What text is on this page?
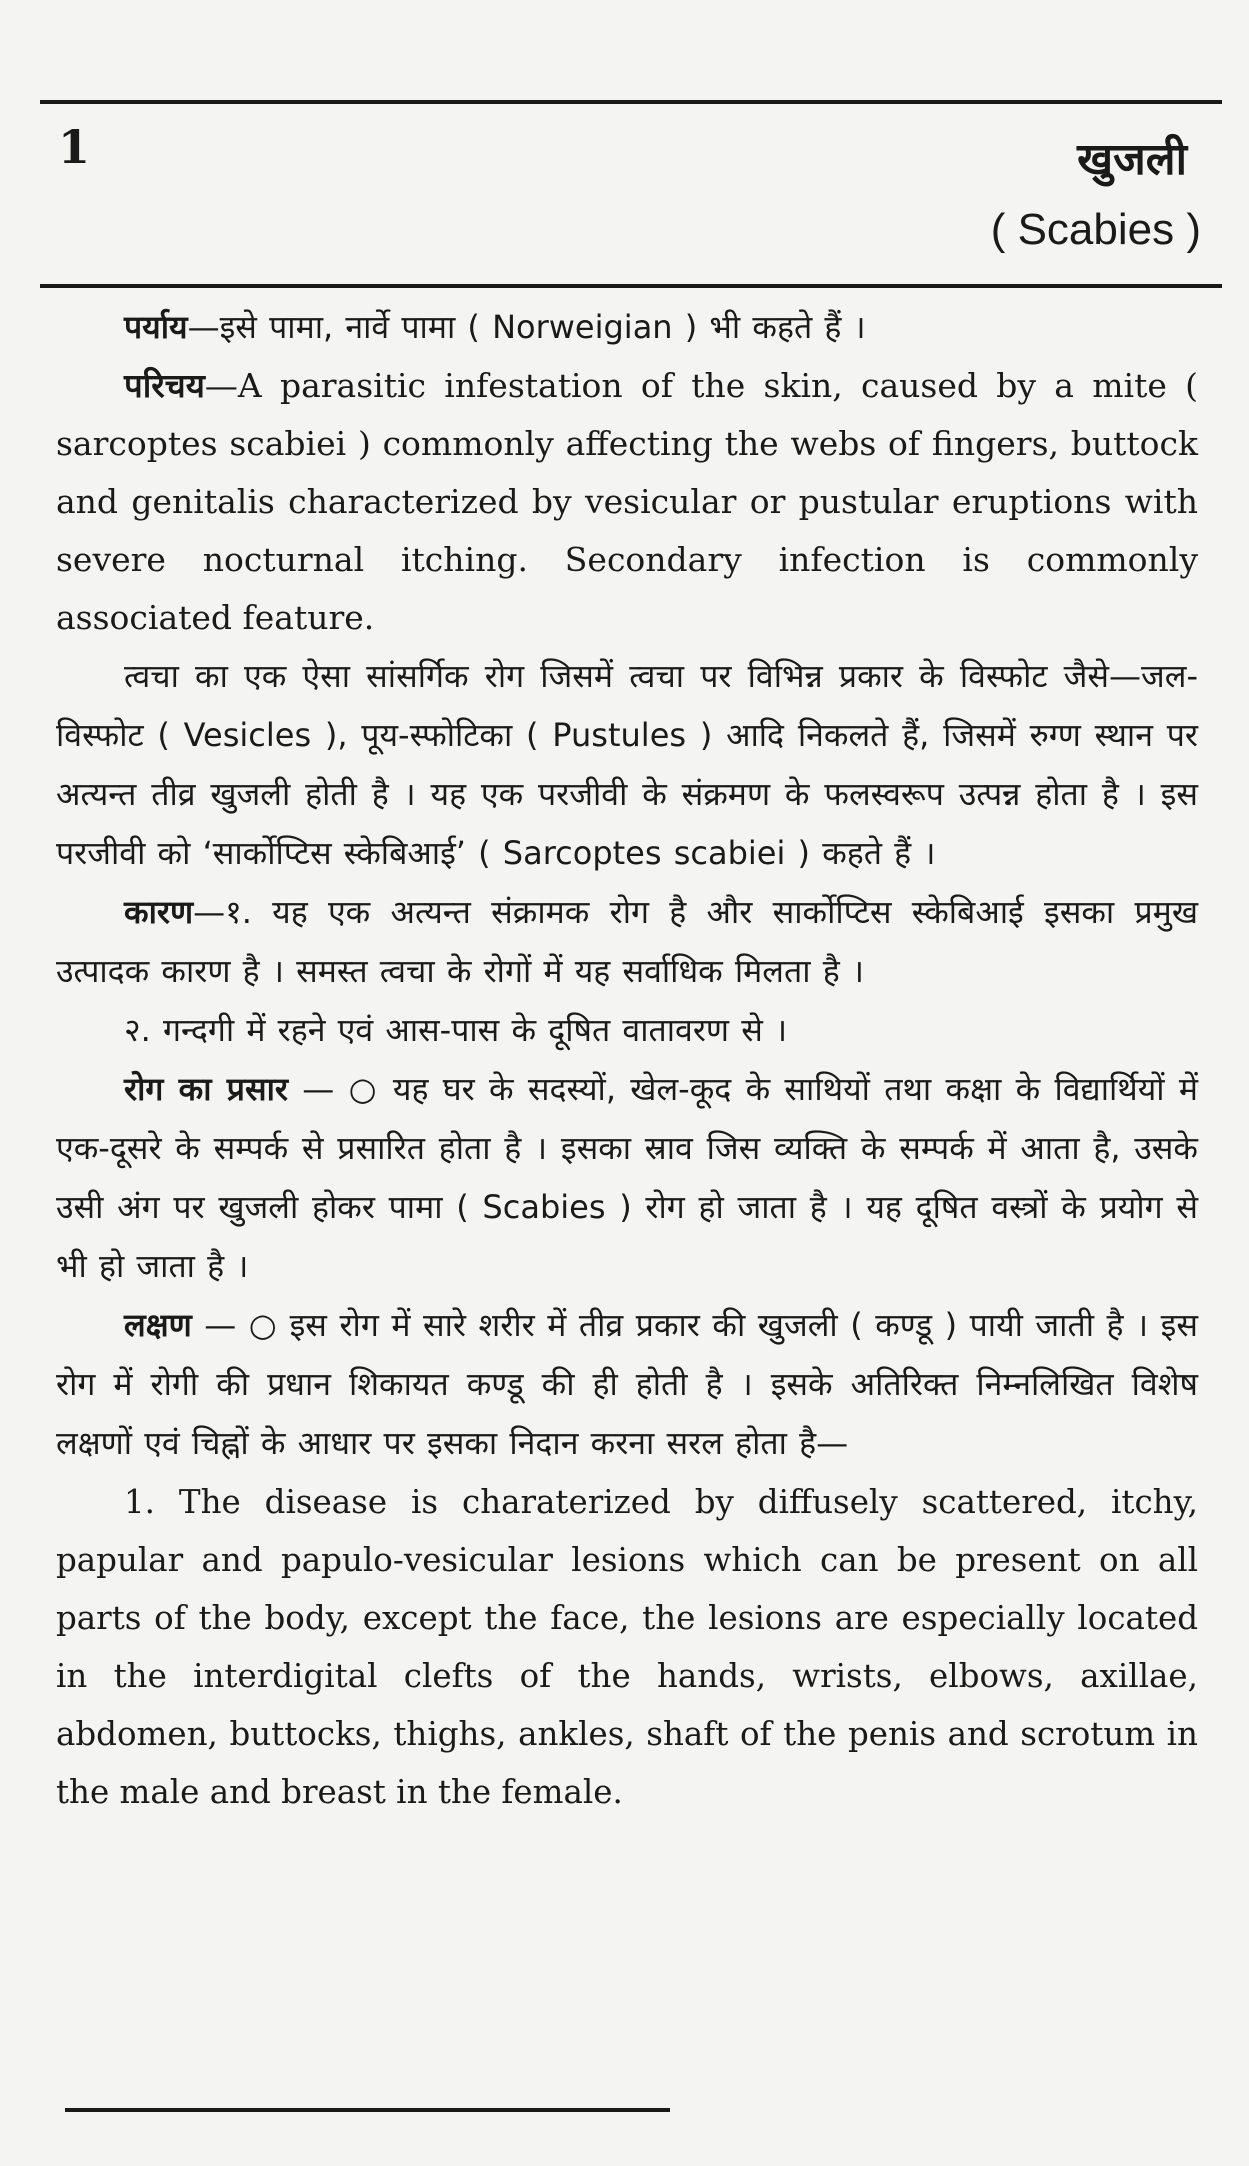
1	खुजली
( Scabies )

पर्याय—इसे पामा, नार्वे पामा ( Norweigian ) भी कहते हैं ।

परिचय—A parasitic infestation of the skin, caused by a mite ( sarcoptes scabiei ) commonly affecting the webs of fingers, buttock and genitalis characterized by vesicular or pustular eruptions with severe nocturnal itching. Secondary infection is commonly associated feature.

त्वचा का एक ऐसा सांसर्गिक रोग जिसमें त्वचा पर विभिन्न प्रकार के विस्फोट जैसे—जल-विस्फोट ( Vesicles ), पूय-स्फोटिका ( Pustules ) आदि निकलते हैं, जिसमें रुग्ण स्थान पर अत्यन्त तीव्र खुजली होती है । यह एक परजीवी के संक्रमण के फलस्वरूप उत्पन्न होता है । इस परजीवी को ‘सार्कोप्टिस स्केबिआई’ ( Sarcoptes scabiei ) कहते हैं ।

कारण—१. यह एक अत्यन्त संक्रामक रोग है और सार्कोप्टिस स्केबिआई इसका प्रमुख उत्पादक कारण है । समस्त त्वचा के रोगों में यह सर्वाधिक मिलता है ।

२. गन्दगी में रहने एवं आस-पास के दूषित वातावरण से ।

रोग का प्रसार — ○ यह घर के सदस्यों, खेल-कूद के साथियों तथा कक्षा के विद्यार्थियों में एक-दूसरे के सम्पर्क से प्रसारित होता है । इसका स्राव जिस व्यक्ति के सम्पर्क में आता है, उसके उसी अंग पर खुजली होकर पामा ( Scabies ) रोग हो जाता है । यह दूषित वस्त्रों के प्रयोग से भी हो जाता है ।

लक्षण — ○ इस रोग में सारे शरीर में तीव्र प्रकार की खुजली ( कण्डू ) पायी जाती है । इस रोग में रोगी की प्रधान शिकायत कण्डू की ही होती है । इसके अतिरिक्त निम्नलिखित विशेष लक्षणों एवं चिह्नों के आधार पर इसका निदान करना सरल होता है—

1. The disease is charaterized by diffusely scattered, itchy, papular and papulo-vesicular lesions which can be present on all parts of the body, except the face, the lesions are especially located in the interdigital clefts of the hands, wrists, elbows, axillae, abdomen, buttocks, thighs, ankles, shaft of the penis and scrotum in the male and breast in the female.
